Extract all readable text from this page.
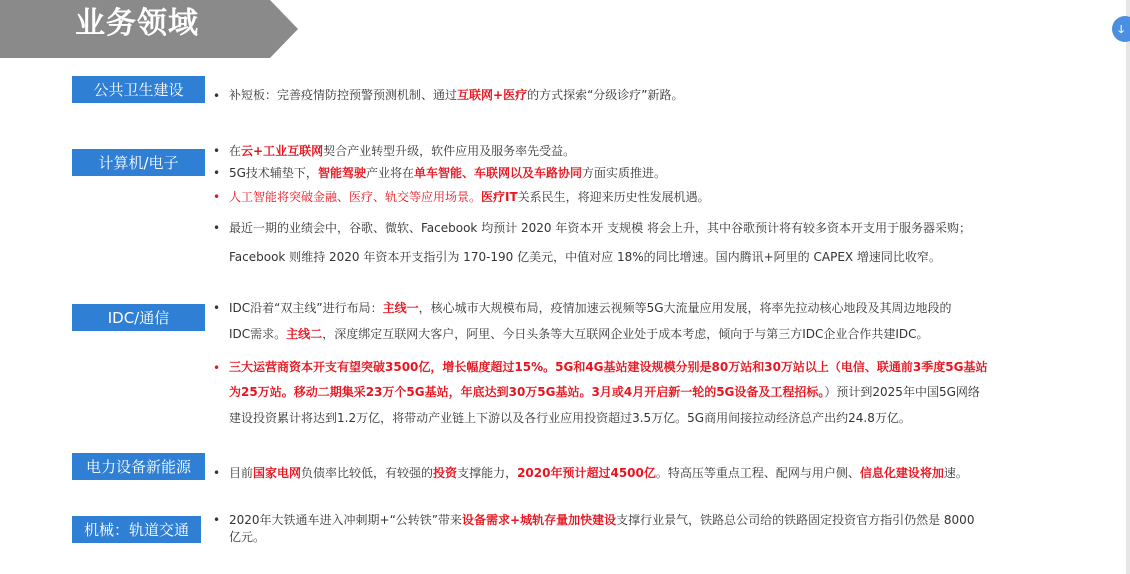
业务领域	ↆ
公共卫生建设	• 补短板：完善疫情防控预警预测机制、通过互联网+医疗的方式探索“分级诊疗”新路。
计算机/电子
• 在云+工业互联网契合产业转型升级，软件应用及服务率先受益。
• 5G技术辅垫下，智能驾驶产业将在单车智能、车联网以及车路协同方面实质推进。
• 人工智能将突破金融、医疗、轨交等应用场景。医疗IT关系民生，将迎来历史性发展机遇。
• 最近一期的业绩会中，谷歌、微软、Facebook 均预计 2020 年资本开 支规模 将会上升，其中谷歌预计将有较多资本开支用于服务器采购；
Facebook 则维持 2020 年资本开支指引为 170-190 亿美元，中值对应 18%的同比增速。国内腾讯+阿里的 CAPEX 增速同比收窄。
IDC/通信
• IDC沿着“双主线”进行布局：主线一，核心城市大规模布局，疫情加速云视频等5G大流量应用发展，将率先拉动核心地段及其周边地段的
IDC需求。主线二，深度绑定互联网大客户，阿里、今日头条等大互联网企业处于成本考虑，倾向于与第三方IDC企业合作共建IDC。
• 三大运营商资本开支有望突破3500亿，增长幅度超过15%。5G和4G基站建设规模分别是80万站和30万站以上（电信、联通前3季度5G基站
为25万站。移动二期集采23万个5G基站，年底达到30万5G基站。3月或4月开启新一轮的5G设备及工程招标。）预计到2025年中国5G网络
建设投资累计将达到1.2万亿，将带动产业链上下游以及各行业应用投资超过3.5万亿。5G商用间接拉动经济总产出约24.8万亿。
电力设备新能源	• 目前国家电网负债率比较低，有较强的投资支撑能力，2020年预计超过4500亿。特高压等重点工程、配网与用户侧、信息化建设将加速。
机械：轨道交通
• 2020年大铁通车进入冲刺期+“公转铁”带来设备需求+城轨存量加快建设支撑行业景气，铁路总公司给的铁路固定投资官方指引仍然是 8000
亿元。
